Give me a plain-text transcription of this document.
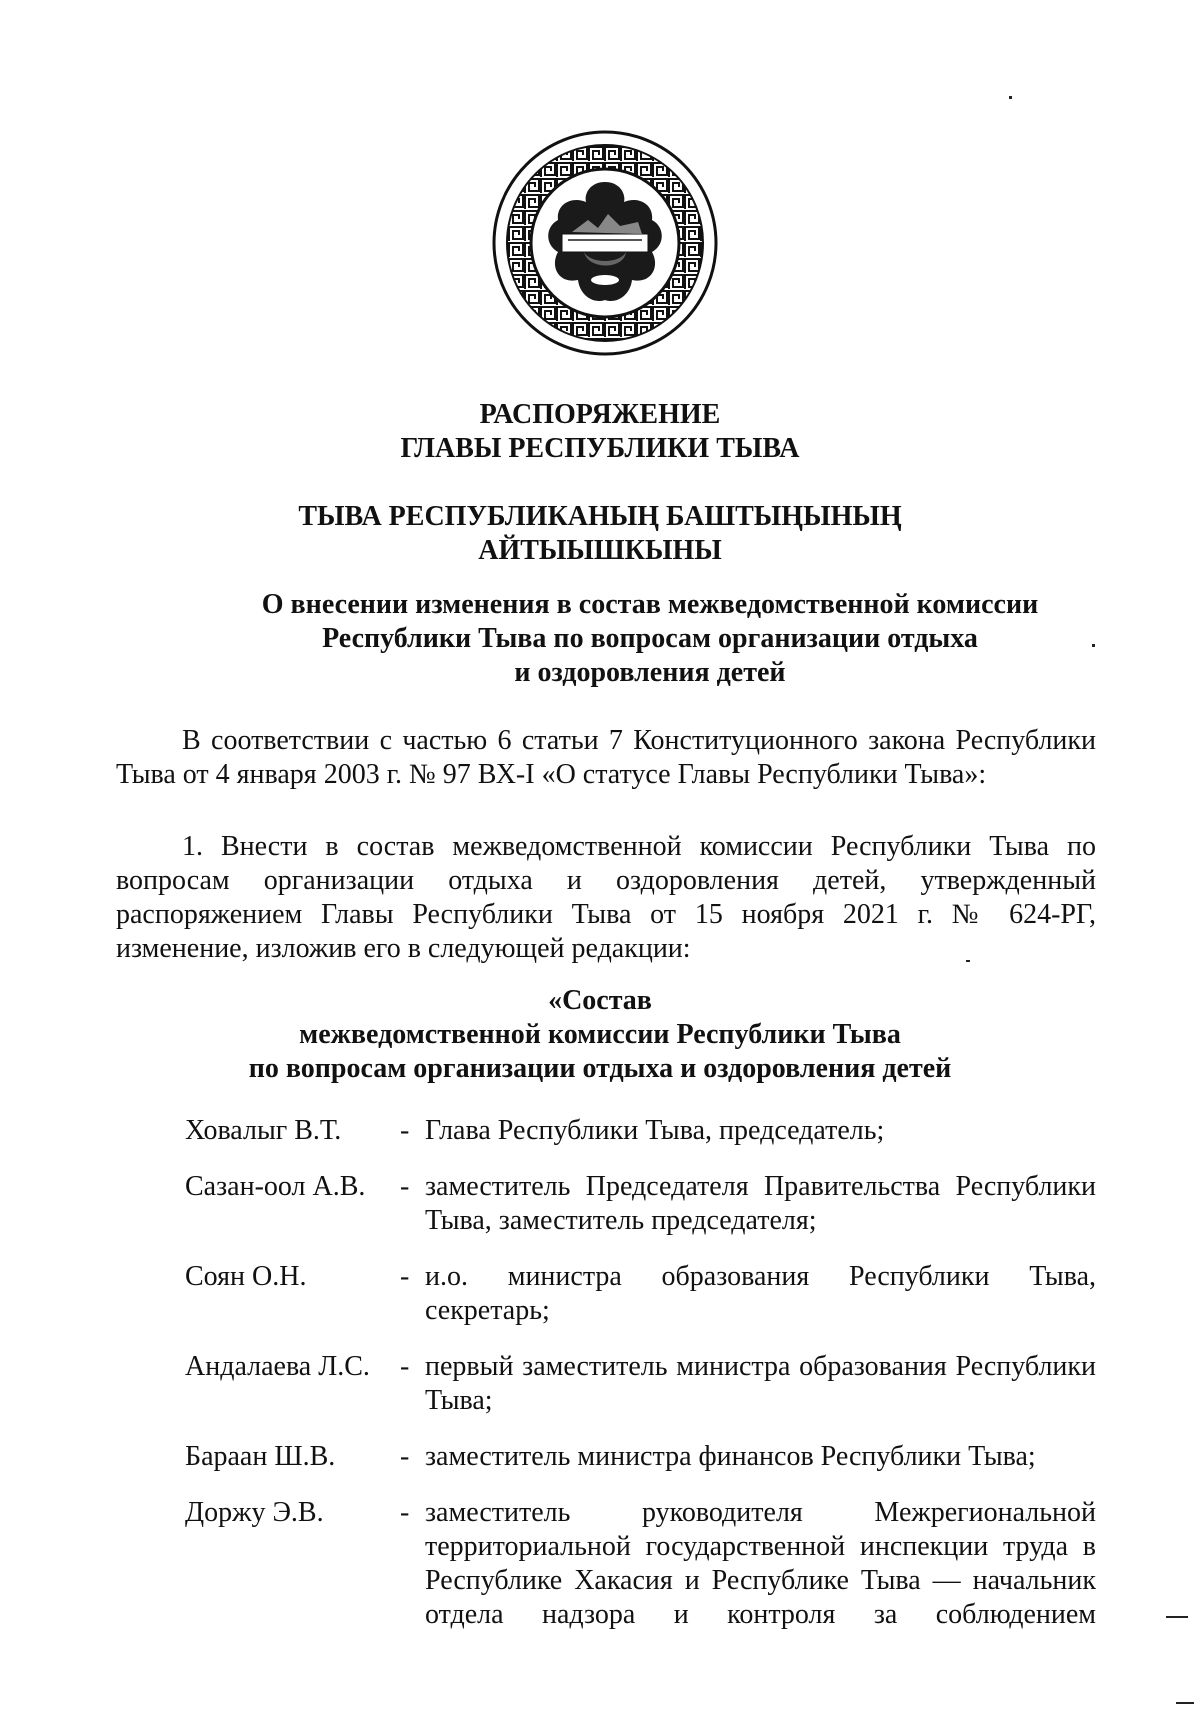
РАСПОРЯЖЕНИЕ
ГЛАВЫ РЕСПУБЛИКИ ТЫВА
ТЫВА РЕСПУБЛИКАНЫҢ БАШТЫҢЫНЫҢ
АЙТЫЫШКЫНЫ
О внесении изменения в состав межведомственной комиссии
Республики Тыва по вопросам организации отдыха
и оздоровления детей
В соответствии с частью 6 статьи 7 Конституционного закона Республики Тыва от 4 января 2003 г. № 97 ВХ-I «О статусе Главы Республики Тыва»:
1. Внести в состав межведомственной комиссии Республики Тыва по вопросам организации отдыха и оздоровления детей, утвержденный распоряжением Главы Республики Тыва от 15 ноября 2021 г. № 624-РГ, изменение, изложив его в следующей редакции:
«Состав
межведомственной комиссии Республики Тыва
по вопросам организации отдыха и оздоровления детей
Ховалыг В.Т.	- Глава Республики Тыва, председатель;
Сазан-оол А.В.	- заместитель Председателя Правительства Республики Тыва, заместитель председателя;
Соян О.Н.	- и.о. министра образования Республики Тыва, секретарь;
Андалаева Л.С.	- первый заместитель министра образования Республики Тыва;
Бараан Ш.В.	- заместитель министра финансов Республики Тыва;
Доржу Э.В.	- заместитель руководителя Межрегиональной территориальной государственной инспекции труда в Республике Хакасия и Республике Тыва — начальник отдела надзора и контроля за соблюдением
